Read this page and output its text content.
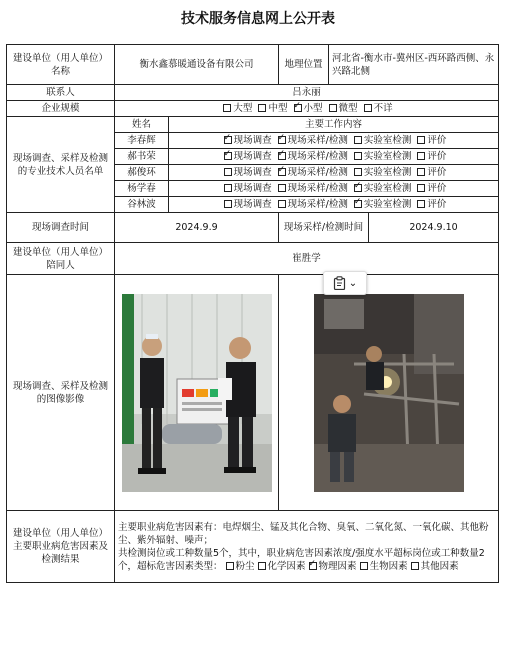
技术服务信息网上公开表
建设单位（用人单位）名称	衡水鑫慕暖通设备有限公司		地理位置	河北省-衡水市-冀州区-西环路西侧、永兴路北侧	
联系人	吕永丽				
企业规模	大型 中型 ✓ 小型 微型 不详
现场调查、采样及检测的专业技术人员名单	姓名	主要工作内容			
	李春辉	✓现场调查 ✓ 现场采样/检测 实验室检测 评价
	郝书荣	✓现场调查 ✓ 现场采样/检测 实验室检测 评价
	郝俊环	现场调查 ✓ 现场采样/检测 实验室检测 评价
	杨学春	现场调查 现场采样/检测 ✓ 实验室检测 评价
	谷林波	现场调查 现场采样/检测 ✓ 实验室检测 评价
现场调查时间	2024.9.9		现场采样/检测时间		2024.9.10
建设单位（用人单位）陪同人	崔胜学				
现场调查、采样及检测的图像影像	

建设单位（用人单位）主要职业病危害因素及检测结果	主要职业病危害因素有：电焊烟尘、锰及其化合物、臭氧、二氧化氮、一氧化碳、其他粉尘、紫外辐射、噪声；
共检测岗位或工种数量5个，其中，职业病危害因素浓度/强度水平超标岗位或工种数量2个，超标危害因素类型： 粉尘 化学因素 ✓ 物理因素 生物因素 其他因素
⌄
